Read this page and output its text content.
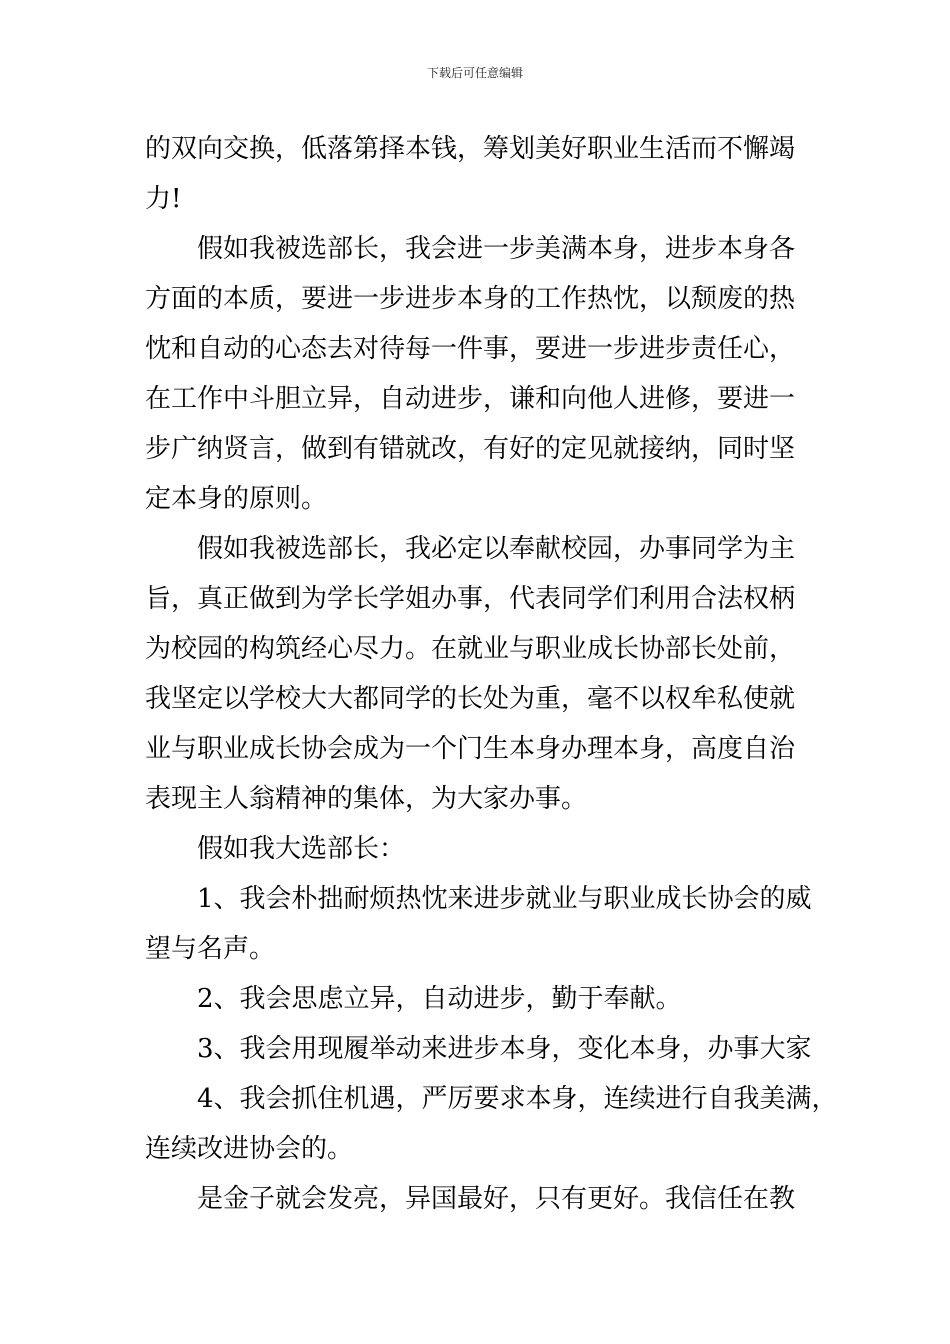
下载后可任意编辑
的双向交换，低落第择本钱，筹划美好职业生活而不懈竭
力!
假如我被选部长，我会进一步美满本身，进步本身各
方面的本质，要进一步进步本身的工作热忱，以颓废的热
忱和自动的心态去对待每一件事，要进一步进步责任心，
在工作中斗胆立异，自动进步，谦和向他人进修，要进一
步广纳贤言，做到有错就改，有好的定见就接纳，同时坚
定本身的原则。
假如我被选部长，我必定以奉献校园，办事同学为主
旨，真正做到为学长学姐办事，代表同学们利用合法权柄
为校园的构筑经心尽力。在就业与职业成长协部长处前，
我坚定以学校大大都同学的长处为重，毫不以权牟私使就
业与职业成长协会成为一个门生本身办理本身，高度自治
表现主人翁精神的集体，为大家办事。
假如我大选部长：
1、我会朴拙耐烦热忱来进步就业与职业成长协会的威
望与名声。
2、我会思虑立异，自动进步，勤于奉献。
3、我会用现履举动来进步本身，变化本身，办事大家
4、我会抓住机遇，严厉要求本身，连续进行自我美满，
连续改进协会的。
是金子就会发亮，异国最好，只有更好。我信任在教
